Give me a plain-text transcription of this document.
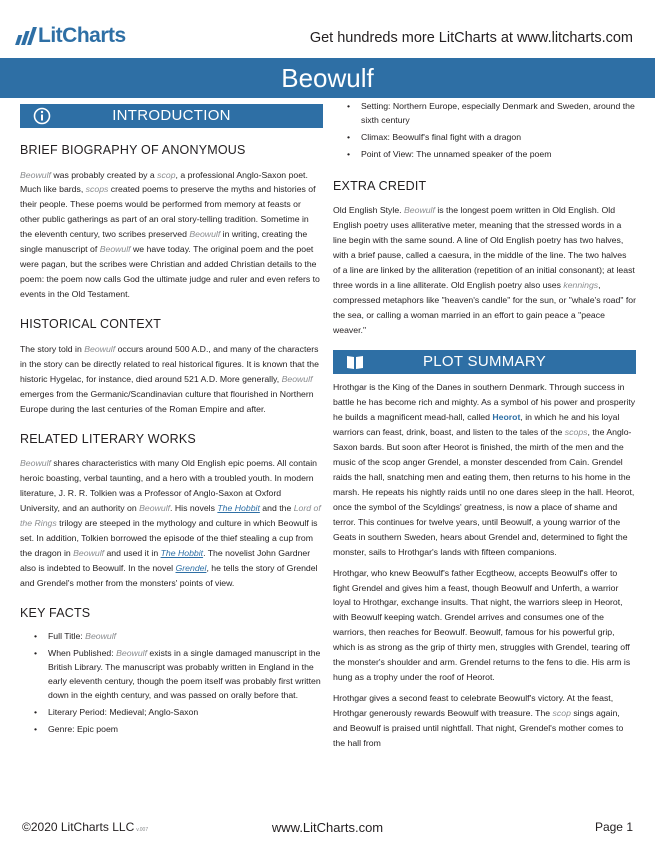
LitCharts	Get hundreds more LitCharts at www.litcharts.com
Beowulf
INTRODUCTION
BRIEF BIOGRAPHY OF ANONYMOUS

Beowulf was probably created by a scop, a professional Anglo-Saxon poet. Much like bards, scops created poems to preserve the myths and histories of their people. These poems would be performed from memory at feasts or other public gatherings as part of an oral story-telling tradition. Sometime in the eleventh century, two scribes preserved Beowulf in writing, creating the single manuscript of Beowulf we have today. The original poem and the poet were pagan, but the scribes were Christian and added Christian details to the poem: the poem now calls God the ultimate judge and ruler and even refers to events in the Old Testament.

HISTORICAL CONTEXT

The story told in Beowulf occurs around 500 A.D., and many of the characters in the story can be directly related to real historical figures. It is known that the historic Hygelac, for instance, died around 521 A.D. More generally, Beowulf emerges from the Germanic/Scandinavian culture that flourished in Northern Europe during the last centuries of the Roman Empire and after.

RELATED LITERARY WORKS

Beowulf shares characteristics with many Old English epic poems. All contain heroic boasting, verbal taunting, and a hero with a troubled youth. In modern literature, J. R. R. Tolkien was a Professor of Anglo-Saxon at Oxford University, and an authority on Beowulf. His novels The Hobbit and the Lord of the Rings trilogy are steeped in the mythology and culture in which Beowulf is set. In addition, Tolkien borrowed the episode of the thief stealing a cup from the dragon in Beowulf and used it in The Hobbit. The novelist John Gardner also is indebted to Beowulf. In the novel Grendel, he tells the story of Grendel and Grendel's mother from the monsters' points of view.

KEY FACTS
• Full Title: Beowulf
• When Published: Beowulf exists in a single damaged manuscript in the British Library. The manuscript was probably written in England in the early eleventh century, though the poem itself was probably first written down in the eighth century, and was passed on orally before that.
• Literary Period: Medieval; Anglo-Saxon
• Genre: Epic poem
• Setting: Northern Europe, especially Denmark and Sweden, around the sixth century
• Climax: Beowulf's final fight with a dragon
• Point of View: The unnamed speaker of the poem
EXTRA CREDIT

Old English Style. Beowulf is the longest poem written in Old English. Old English poetry uses alliterative meter, meaning that the stressed words in a line begin with the same sound. A line of Old English poetry has two halves, with a brief pause, called a caesura, in the middle of the line. The two halves of a line are linked by the alliteration (repetition of an initial consonant); at least three words in a line alliterate. Old English poetry also uses kennings, compressed metaphors like "heaven's candle" for the sun, or "whale's road" for the sea, or calling a woman married in an effort to gain peace a "peace weaver."

PLOT SUMMARY

Hrothgar is the King of the Danes in southern Denmark. Through success in battle he has become rich and mighty. As a symbol of his power and prosperity he builds a magnificent mead-hall, called Heorot, in which he and his loyal warriors can feast, drink, boast, and listen to the tales of the scops, the Anglo-Saxon bards. But soon after Heorot is finished, the mirth of the men and the music of the scop anger Grendel, a monster descended from Cain. Grendel raids the hall, snatching men and eating them, then returns to his home in the marsh. He repeats his nightly raids until no one dares sleep in the hall. Heorot, once the symbol of the Scyldings' greatness, is now a place of shame and terror. This continues for twelve years, until Beowulf, a young warrior of the Geats in southern Sweden, hears about Grendel and, determined to fight the monster, sails to Hrothgar's lands with fifteen companions.

Hrothgar, who knew Beowulf's father Ecgtheow, accepts Beowulf's offer to fight Grendel and gives him a feast, though Beowulf and Unferth, a warrior loyal to Hrothgar, exchange insults. That night, the warriors sleep in Heorot, with Beowulf keeping watch. Grendel arrives and consumes one of the warriors, then reaches for Beowulf. Beowulf, famous for his powerful grip, which is as strong as the grip of thirty men, struggles with Grendel, tearing off the monster's shoulder and arm. Grendel returns to the fens to die. His arm is hung as a trophy under the roof of Heorot.

Hrothgar gives a second feast to celebrate Beowulf's victory. At the feast, Hrothgar generously rewards Beowulf with treasure. The scop sings again, and Beowulf is praised until nightfall. That night, Grendel's mother comes to the hall from

©2020 LitCharts LLC v.007	www.LitCharts.com	Page 1
